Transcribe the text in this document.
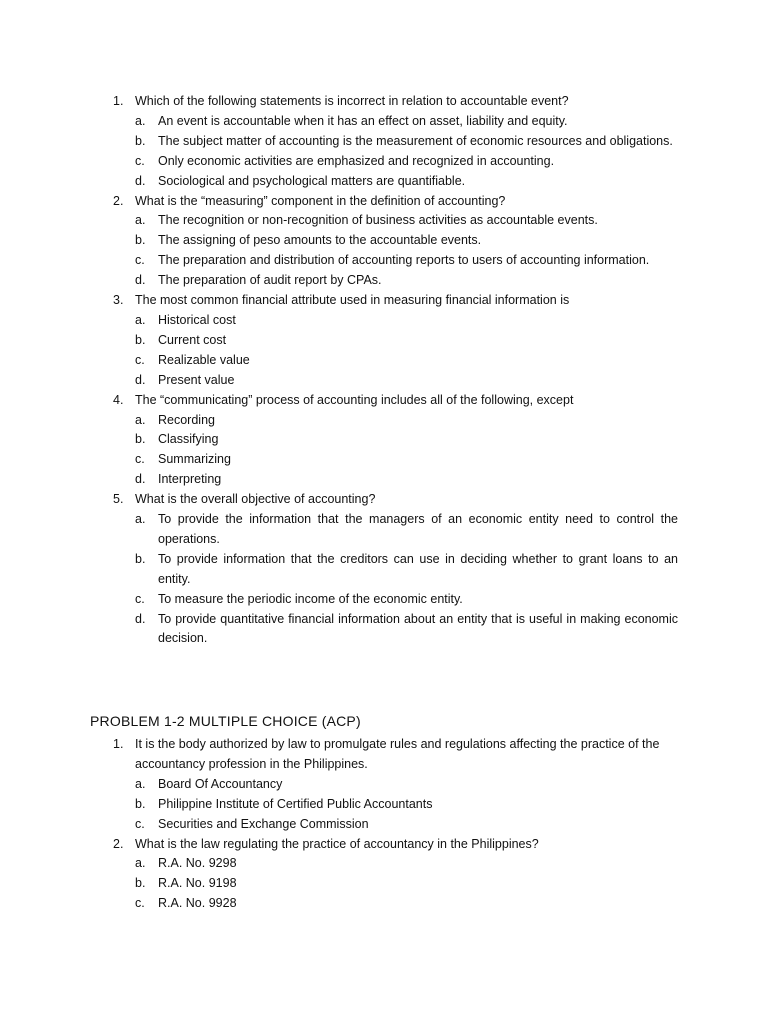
1. Which of the following statements is incorrect in relation to accountable event?
a.	An event is accountable when it has an effect on asset, liability and equity.
b.	The subject matter of accounting is the measurement of economic resources and obligations.
c.	Only economic activities are emphasized and recognized in accounting.
d.	Sociological and psychological matters are quantifiable.
2. What is the “measuring” component in the definition of accounting?
a.	The recognition or non-recognition of business activities as accountable events.
b.	The assigning of peso amounts to the accountable events.
c.	The preparation and distribution of accounting reports to users of accounting information.
d.	The preparation of audit report by CPAs.
3. The most common financial attribute used in measuring financial information is
a.	Historical cost
b.	Current cost
c.	Realizable value
d.	Present value
4. The “communicating” process of accounting includes all of the following, except
a.	Recording
b.	Classifying
c.	Summarizing
d.	Interpreting
5. What is the overall objective of accounting?
a.	To provide the information that the managers of an economic entity need to control the operations.
b.	To provide information that the creditors can use in deciding whether to grant loans to an entity.
c.	To measure the periodic income of the economic entity.
d.	To provide quantitative financial information about an entity that is useful in making economic decision.
PROBLEM 1-2 MULTIPLE CHOICE (ACP)
1. It is the body authorized by law to promulgate rules and regulations affecting the practice of the accountancy profession in the Philippines.
a.	Board Of Accountancy
b.	Philippine Institute of Certified Public Accountants
c.	Securities and Exchange Commission
2. What is the law regulating the practice of accountancy in the Philippines?
a.	R.A. No. 9298
b.	R.A. No. 9198
c.	R.A. No. 9928
